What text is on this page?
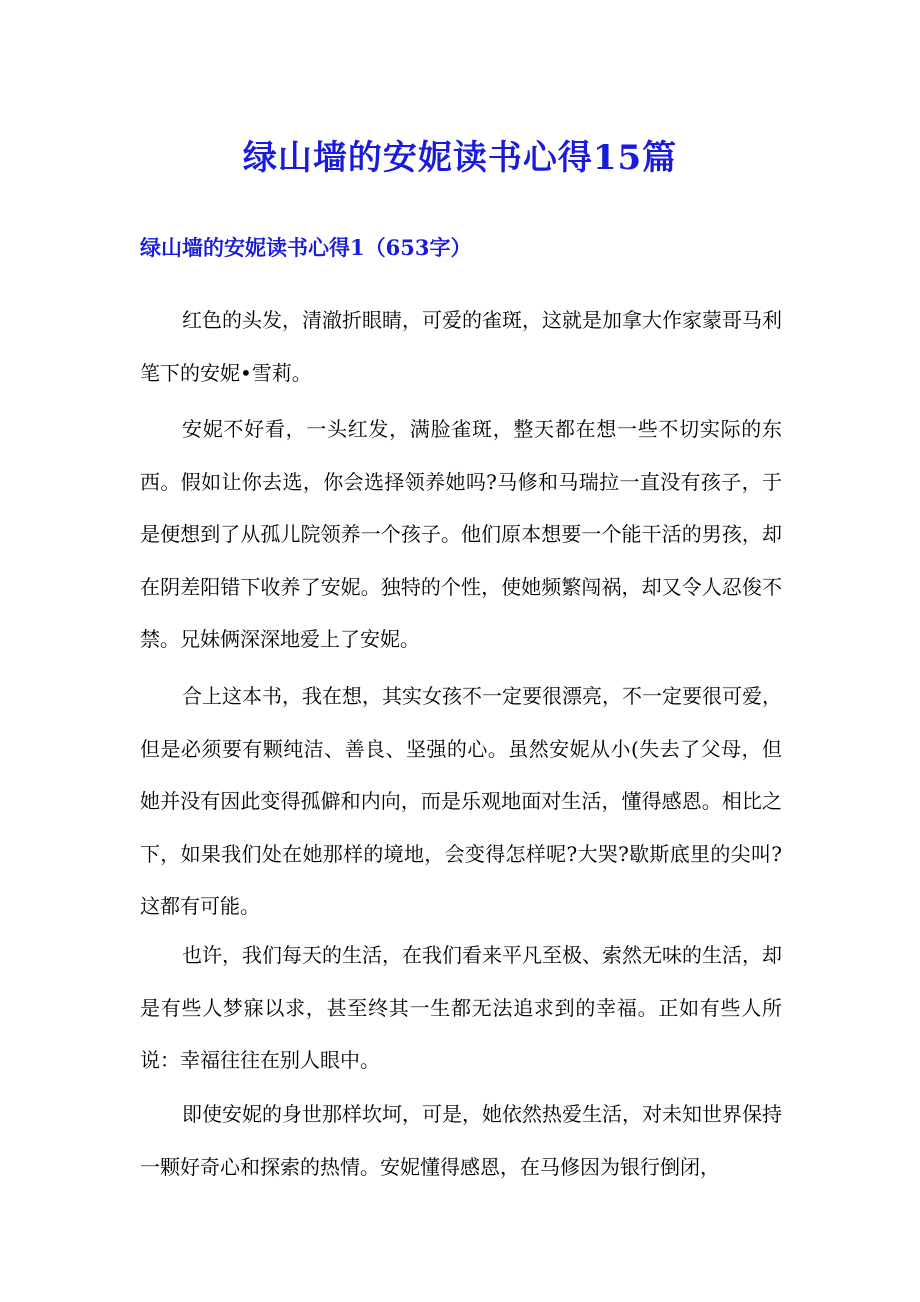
绿山墙的安妮读书心得15篇
绿山墙的安妮读书心得1（653字）

红色的头发，清澈折眼睛，可爱的雀斑，这就是加拿大作家蒙哥马利笔下的安妮•雪莉。

安妮不好看，一头红发，满脸雀斑，整天都在想一些不切实际的东西。假如让你去选，你会选择领养她吗?马修和马瑞拉一直没有孩子，于是便想到了从孤儿院领养一个孩子。他们原本想要一个能干活的男孩，却在阴差阳错下收养了安妮。独特的个性，使她频繁闯祸，却又令人忍俊不禁。兄妹俩深深地爱上了安妮。

合上这本书，我在想，其实女孩不一定要很漂亮，不一定要很可爱，但是必须要有颗纯洁、善良、坚强的心。虽然安妮从小(失去了父母，但她并没有因此变得孤僻和内向，而是乐观地面对生活，懂得感恩。相比之下，如果我们处在她那样的境地，会变得怎样呢?大哭?歇斯底里的尖叫?这都有可能。

也许，我们每天的生活，在我们看来平凡至极、索然无味的生活，却是有些人梦寐以求，甚至终其一生都无法追求到的幸福。正如有些人所说：幸福往往在别人眼中。

即使安妮的身世那样坎坷，可是，她依然热爱生活，对未知世界保持一颗好奇心和探索的热情。安妮懂得感恩，在马修因为银行倒闭，
